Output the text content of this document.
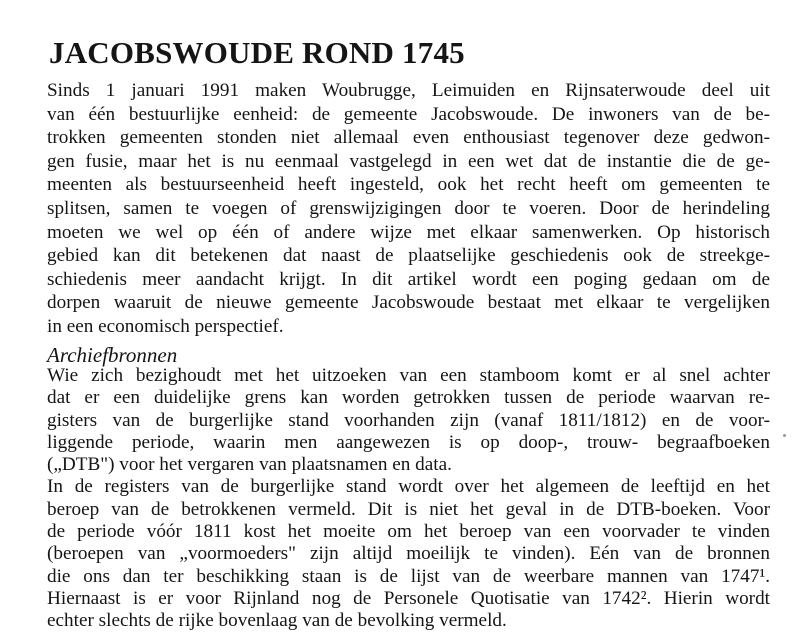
JACOBSWOUDE ROND 1745
Sinds 1 januari 1991 maken Woubrugge, Leimuiden en Rijnsaterwoude deel uit
van één bestuurlijke eenheid: de gemeente Jacobswoude. De inwoners van de be-
trokken gemeenten stonden niet allemaal even enthousiast tegenover deze gedwon-
gen fusie, maar het is nu eenmaal vastgelegd in een wet dat de instantie die de ge-
meenten als bestuurseenheid heeft ingesteld, ook het recht heeft om gemeenten te
splitsen, samen te voegen of grenswijzigingen door te voeren. Door de herindeling
moeten we wel op één of andere wijze met elkaar samenwerken. Op historisch
gebied kan dit betekenen dat naast de plaatselijke geschiedenis ook de streekge-
schiedenis meer aandacht krijgt. In dit artikel wordt een poging gedaan om de
dorpen waaruit de nieuwe gemeente Jacobswoude bestaat met elkaar te vergelijken
in een economisch perspectief.
Archiefbronnen
Wie zich bezighoudt met het uitzoeken van een stamboom komt er al snel achter
dat er een duidelijke grens kan worden getrokken tussen de periode waarvan re-
gisters van de burgerlijke stand voorhanden zijn (vanaf 1811/1812) en de voor-
liggende periode, waarin men aangewezen is op doop-, trouw- begraafboeken
(„DTB") voor het vergaren van plaatsnamen en data.
In de registers van de burgerlijke stand wordt over het algemeen de leeftijd en het
beroep van de betrokkenen vermeld. Dit is niet het geval in de DTB-boeken. Voor
de periode vóór 1811 kost het moeite om het beroep van een voorvader te vinden
(beroepen van „voormoeders" zijn altijd moeilijk te vinden). Eén van de bronnen
die ons dan ter beschikking staan is de lijst van de weerbare mannen van 1747¹.
Hiernaast is er voor Rijnland nog de Personele Quotisatie van 1742². Hierin wordt
echter slechts de rijke bovenlaag van de bevolking vermeld.
